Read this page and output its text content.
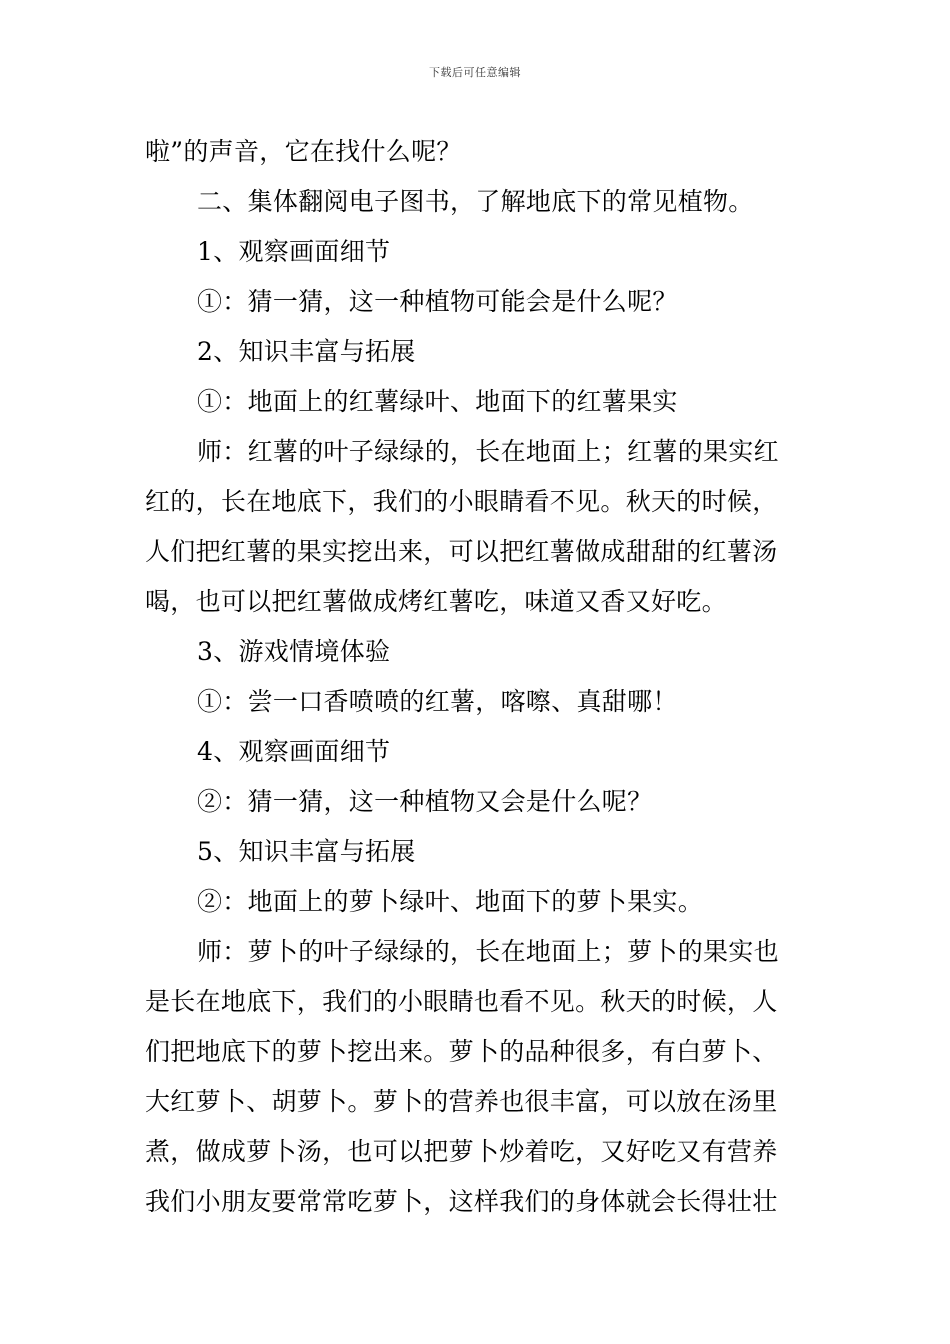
下载后可任意编辑
啦”的声音，它在找什么呢？
二、集体翻阅电子图书，了解地底下的常见植物。
1、观察画面细节
①：猜一猜，这一种植物可能会是什么呢？
2、知识丰富与拓展
①：地面上的红薯绿叶、地面下的红薯果实
师：红薯的叶子绿绿的，长在地面上；红薯的果实红
红的，长在地底下，我们的小眼睛看不见。秋天的时候，
人们把红薯的果实挖出来，可以把红薯做成甜甜的红薯汤
喝，也可以把红薯做成烤红薯吃，味道又香又好吃。
3、游戏情境体验
①：尝一口香喷喷的红薯，喀嚓、真甜哪！
4、观察画面细节
②：猜一猜，这一种植物又会是什么呢？
5、知识丰富与拓展
②：地面上的萝卜绿叶、地面下的萝卜果实。
师：萝卜的叶子绿绿的，长在地面上；萝卜的果实也
是长在地底下，我们的小眼睛也看不见。秋天的时候，人
们把地底下的萝卜挖出来。萝卜的品种很多，有白萝卜、
大红萝卜、胡萝卜。萝卜的营养也很丰富，可以放在汤里
煮，做成萝卜汤，也可以把萝卜炒着吃，又好吃又有营养
我们小朋友要常常吃萝卜，这样我们的身体就会长得壮壮
